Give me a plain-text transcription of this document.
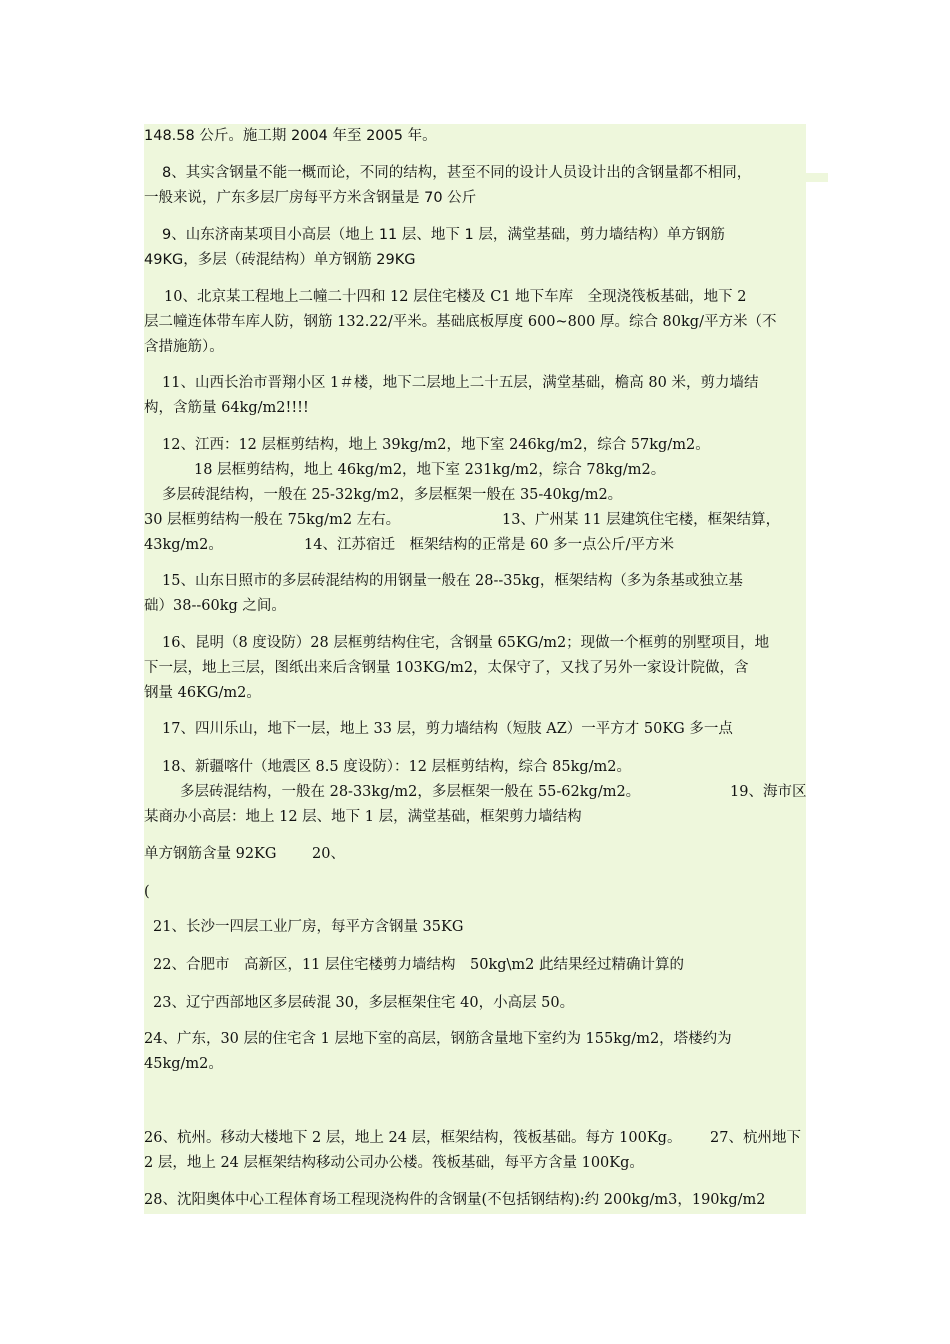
148.58 公斤。施工期 2004 年至 2005 年。
8、其实含钢量不能一概而论，不同的结构，甚至不同的设计人员设计出的含钢量都不相同，
一般来说，广东多层厂房每平方米含钢量是 70 公斤
9、山东济南某项目小高层（地上 11 层、地下 1 层，满堂基础，剪力墙结构）单方钢筋
49KG，多层（砖混结构）单方钢筋 29KG
10、北京某工程地上二幢二十四和 12 层住宅楼及 C1 地下车库　全现浇筏板基础，地下 2
层二幢连体带车库人防，钢筋 132.22/平米。基础底板厚度 600~800 厚。综合 80kg/平方米（不
含措施筋）。
11、山西长治市晋翔小区 1＃楼，地下二层地上二十五层，满堂基础，檐高 80 米，剪力墙结
构，含筋量 64kg/m2!!!!
12、江西：12 层框剪结构，地上 39kg/m2，地下室 246kg/m2，综合 57kg/m2。
18 层框剪结构，地上 46kg/m2，地下室 231kg/m2，综合 78kg/m2。
多层砖混结构，一般在 25-32kg/m2，多层框架一般在 35-40kg/m2。
30 层框剪结构一般在 75kg/m2 左右。	13、广州某 11 层建筑住宅楼，框架结算，
43kg/m2。	14、江苏宿迁　框架结构的正常是 60 多一点公斤/平方米
15、山东日照市的多层砖混结构的用钢量一般在 28--35kg，框架结构（多为条基或独立基
础）38--60kg 之间。
16、昆明（8 度设防）28 层框剪结构住宅，含钢量 65KG/m2；现做一个框剪的别墅项目，地
下一层，地上三层，图纸出来后含钢量 103KG/m2，太保守了，又找了另外一家设计院做，含
钢量 46KG/m2。
17、四川乐山，地下一层，地上 33 层，剪力墙结构（短肢 AZ）一平方才 50KG 多一点
18、新疆喀什（地震区 8.5 度设防）：12 层框剪结构，综合 85kg/m2。
多层砖混结构，一般在 28-33kg/m2，多层框架一般在 55-62kg/m2。	19、海市区
某商办小高层：地上 12 层、地下 1 层，满堂基础，框架剪力墙结构
单方钢筋含量 92KG 20、
(
21、长沙一四层工业厂房，每平方含钢量 35KG
22、合肥市　高新区，11 层住宅楼剪力墙结构　50kg\m2 此结果经过精确计算的
23、辽宁西部地区多层砖混 30，多层框架住宅 40，小高层 50。
24、广东，30 层的住宅含 1 层地下室的高层，钢筋含量地下室约为 155kg/m2，塔楼约为
45kg/m2。
26、杭州。移动大楼地下 2 层，地上 24 层，框架结构，筏板基础。每方 100Kg。 27、杭州地下
2 层，地上 24 层框架结构移动公司办公楼。筏板基础，每平方含量 100Kg。
28、沈阳奥体中心工程体育场工程现浇构件的含钢量(不包括钢结构):约 200kg/m3，190kg/m2
